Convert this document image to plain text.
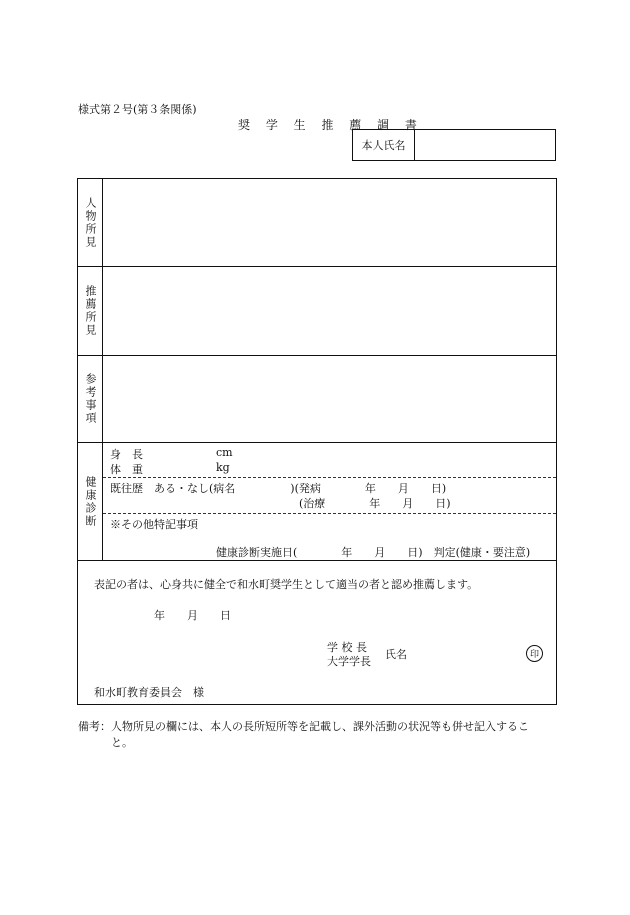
様式第２号(第３条関係)
奨 学 生 推 薦 調 書
本人氏名
人物所見
推薦所見
参考事項
健康診断
身　長	cm
体　重	kg
既往歴　ある・なし(病名　　　　　)(発病　　　　年　　月　　日)
(治療　　　　年　　月　　日)
※その他特記事項
健康診断実施日(　　　　年　　月　　日)　判定(健康・要注意)
表記の者は、心身共に健全で和水町奨学生として適当の者と認め推薦します。
年　　月　　日
学 校 長
大学学長
氏名	印
和水町教育委員会　様
備考：人物所見の欄には、本人の長所短所等を記載し、課外活動の状況等も併せ記入するこ
と。
